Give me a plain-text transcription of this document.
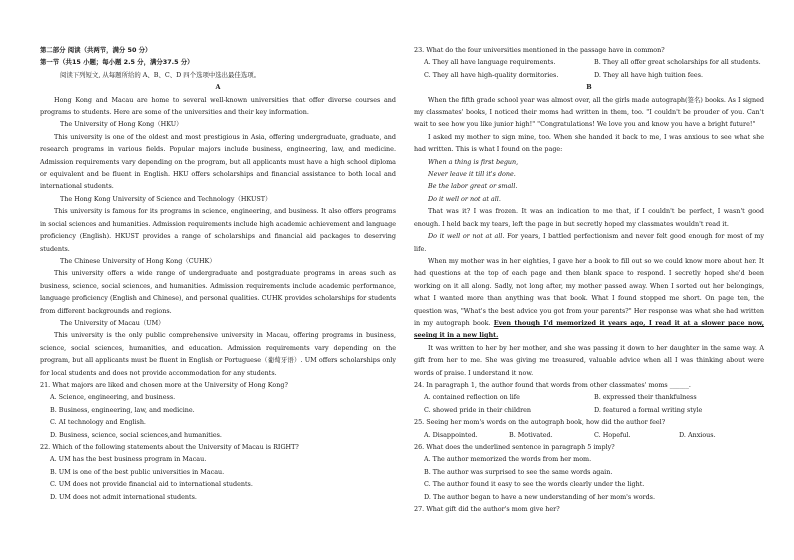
第二部分 阅读（共两节，满分 50 分）
第一节（共15 小题；每小题 2.5 分，满分37.5 分）
阅读下列短文, 从每题所给的 A、B、C、D 四个选项中选出最佳选项。
A

Hong Kong and Macau are home to several well-known universities that offer diverse courses and programs to students. Here are some of the universities and their key information.

The University of Hong Kong（HKU）

This university is one of the oldest and most prestigious in Asia, offering undergraduate, graduate, and research programs in various fields. Popular majors include business, engineering, law, and medicine. Admission requirements vary depending on the program, but all applicants must have a high school diploma or equivalent and be fluent in English. HKU offers scholarships and financial assistance to both local and international students.

The Hong Kong University of Science and Technology（HKUST）

This university is famous for its programs in science, engineering, and business. It also offers programs in social sciences and humanities. Admission requirements include high academic achievement and language proficiency (English). HKUST provides a range of scholarships and financial aid packages to deserving students.

The Chinese University of Hong Kong（CUHK）

This university offers a wide range of undergraduate and postgraduate programs in areas such as business, science, social sciences, and humanities. Admission requirements include academic performance, language proficiency (English and Chinese), and personal qualities. CUHK provides scholarships for students from different backgrounds and regions.

The University of Macau（UM）

This university is the only public comprehensive university in Macau, offering programs in business, science, social sciences, humanities, and education. Admission requirements vary depending on the program, but all applicants must be fluent in English or Portuguese（葡萄牙语）. UM offers scholarships only for local students and does not provide accommodation for any students.

21. What majors are liked and chosen more at the University of Hong Kong?
A. Science, engineering, and business.
B. Business, engineering, law, and medicine.
C. AI technology and English.
D. Business, science, social sciences,and humanities.
22. Which of the following statements about the University of Macau is RIGHT?
A. UM has the best business program in Macau.
B. UM is one of the best public universities in Macau.
C. UM does not provide financial aid to international students.
D. UM does not admit international students.
23. What do the four universities mentioned in the passage have in common?
A. They all have language requirements.	B. They all offer great scholarships for all students.
C. They all have high-quality dormitories.	D. They all have high tuition fees.
B

When the fifth grade school year was almost over, all the girls made autograph(签名) books. As I signed my classmates' books, I noticed their moms had written in them, too. "I couldn't be prouder of you. Can't wait to see how you like junior high!" "Congratulations! We love you and know you have a bright future!"

I asked my mother to sign mine, too. When she handed it back to me, I was anxious to see what she had written. This is what I found on the page:

When a thing is first begun,
Never leave it till it's done.
Be the labor great or small.
Do it well or not at all.

That was it? I was frozen. It was an indication to me that, if I couldn't be perfect, I wasn't good enough. I held back my tears, left the page in but secretly hoped my classmates wouldn't read it.

Do it well or not at all. For years, I battled perfectionism and never felt good enough for most of my life.

When my mother was in her eighties, I gave her a book to fill out so we could know more about her. It had questions at the top of each page and then blank space to respond. I secretly hoped she'd been working on it all along. Sadly, not long after, my mother passed away. When I sorted out her belongings, what I wanted more than anything was that book. What I found stopped me short. On page ten, the question was, "What's the best advice you got from your parents?" Her response was what she had written in my autograph book. Even though I'd memorized it years ago, I read it at a slower pace now, seeing it in a new light.

It was written to her by her mother, and she was passing it down to her daughter in the same way. A gift from her to me. She was giving me treasured, valuable advice when all I was thinking about were words of praise. I understand it now.

24. In paragraph 1, the author found that words from other classmates' moms ______.
A. contained reflection on life	B. expressed their thankfulness
C. showed pride in their children	D. featured a formal writing style
25. Seeing her mom's words on the autograph book, how did the author feel?
A. Disappointed.	B. Motivated.	C. Hopeful.	D. Anxious.
26. What does the underlined sentence in paragraph 5 imply?
A. The author memorized the words from her mom.
B. The author was surprised to see the same words again.
C. The author found it easy to see the words clearly under the light.
D. The author began to have a new understanding of her mom's words.
27. What gift did the author's mom give her?
